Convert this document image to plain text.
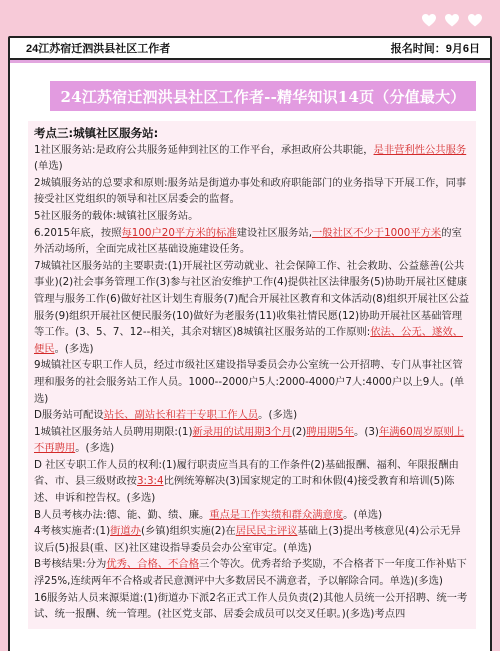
24江苏宿迁泗洪县社区工作者	报名时间：9月6日
24江苏宿迁泗洪县社区工作者--精华知识14页（分值最大）

考点三:城镇社区服务站:

1社区服务站:是政府公共服务延伸到社区的工作平台，承担政府公共职能，是非营利性公共服务(单选)

2城镇服务站的总要求和原则:服务站是街道办事处和政府职能部门的业务指导下开展工作，同事接受社区党组织的领导和社区居委会的监督。

5社区服务的载体:城镇社区服务站。

6.2015年底，按照每100户20平方米的标准建设社区服务站,一般社区不少于1000平方米的室外活动场所，全面完成社区基础设施建设任务。

7城镇社区服务站的主要职责:(1)开展社区劳动就业、社会保障工作、社会救助、公益慈善(公共事业)(2)社会事务管理工作(3)参与社区治安维护工作(4)提供社区法律服务(5)协助开展社区健康管理与服务工作(6)做好社区计划生育服务(7)配合开展社区教育和文体活动(8)组织开展社区公益服务(9)组织开展社区便民服务(10)做好为老服务(11)收集社情民愿(12)协助开展社区基础管理等工作。(3、5、7、12--相关，其余对辖区)8城镇社区服务站的工作原则:依法、公无、遂效、便民。(多选)

9城镇社区专职工作人员，经过市级社区建设指导委员会办公室统一公开招聘、专门从事社区管理和服务的社会服务站工作人员。1000--2000户5人:2000-4000户7人:4000户以上9人。(单选)

D服务站可配设站长、副站长和若干专职工作人员。(多选)

1城镇社区服务站人员聘用期限:(1)新录用的试用期3个月(2)聘用期5年。(3)年满60周岁原则上不再聘用。(多选)

D 社区专职工作人员的权利:(1)履行职责应当具有的工作条件(2)基础报酬、福利、年限报酬由省、市、县三级财政按3:3:4比例统筹解决(3)国家规定的工时和休假(4)接受教育和培训(5)陈述、申诉和控告权。(多选)

B人员考核办法:德、能、勤、绩、廉。重点是工作实绩和群众满意度。(单选)

4考核实施者:(1)街道办(乡镇)组织实施(2)在居民民主评议基础上(3)提出考核意见(4)公示无异议后(5)报县(重、区)社区建设指导委员会办公室审定。(单选)

B考核结果:分为优秀、合格、不合格三个等次。优秀者给予奖励，不合格者下一年度工作补贴下浮25%,连续两年不合格或者民意测评中大多数居民不满意者，予以解除合同。单选)(多选)

16服务站人员来源渠道:(1)街道办下派2名正式工作人员负责(2)其他人员统一公开招聘、统一考试、统一报酬、统一管理。(社区党支部、居委会成员可以交叉任职。)(多选)考点四
